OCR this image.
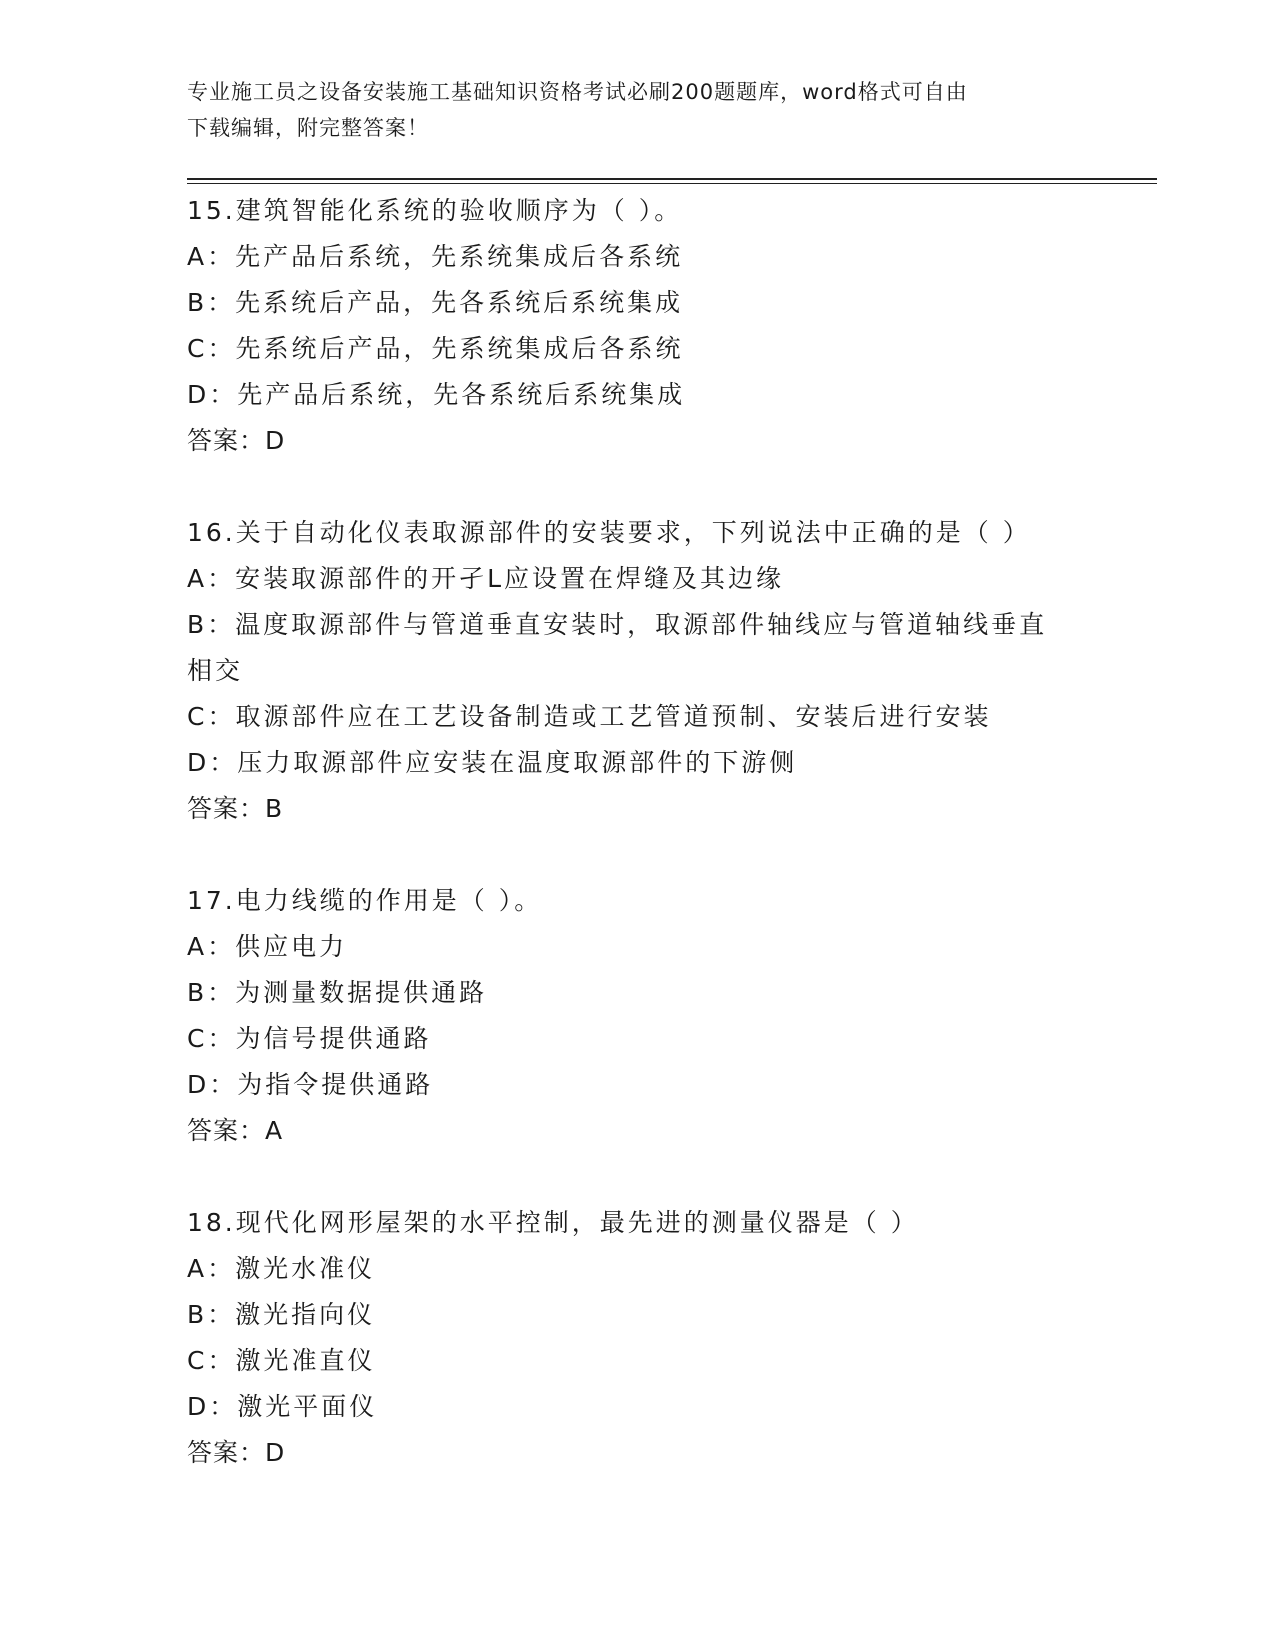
专业施工员之设备安装施工基础知识资格考试必刷200题题库，word格式可自由
下载编辑，附完整答案！
15.建筑智能化系统的验收顺序为（ ）。
A：先产品后系统，先系统集成后各系统
B：先系统后产品，先各系统后系统集成
C：先系统后产品，先系统集成后各系统
D：先产品后系统，先各系统后系统集成
答案：D
16.关于自动化仪表取源部件的安装要求，下列说法中正确的是（ ）
A：安装取源部件的开孑L应设置在焊缝及其边缘
B：温度取源部件与管道垂直安装时，取源部件轴线应与管道轴线垂直
相交
C：取源部件应在工艺设备制造或工艺管道预制、安装后进行安装
D：压力取源部件应安装在温度取源部件的下游侧
答案：B
17.电力线缆的作用是（ ）。
A：供应电力
B：为测量数据提供通路
C：为信号提供通路
D：为指令提供通路
答案：A
18.现代化网形屋架的水平控制，最先进的测量仪器是（ ）
A：激光水准仪
B：激光指向仪
C：激光准直仪
D：激光平面仪
答案：D
